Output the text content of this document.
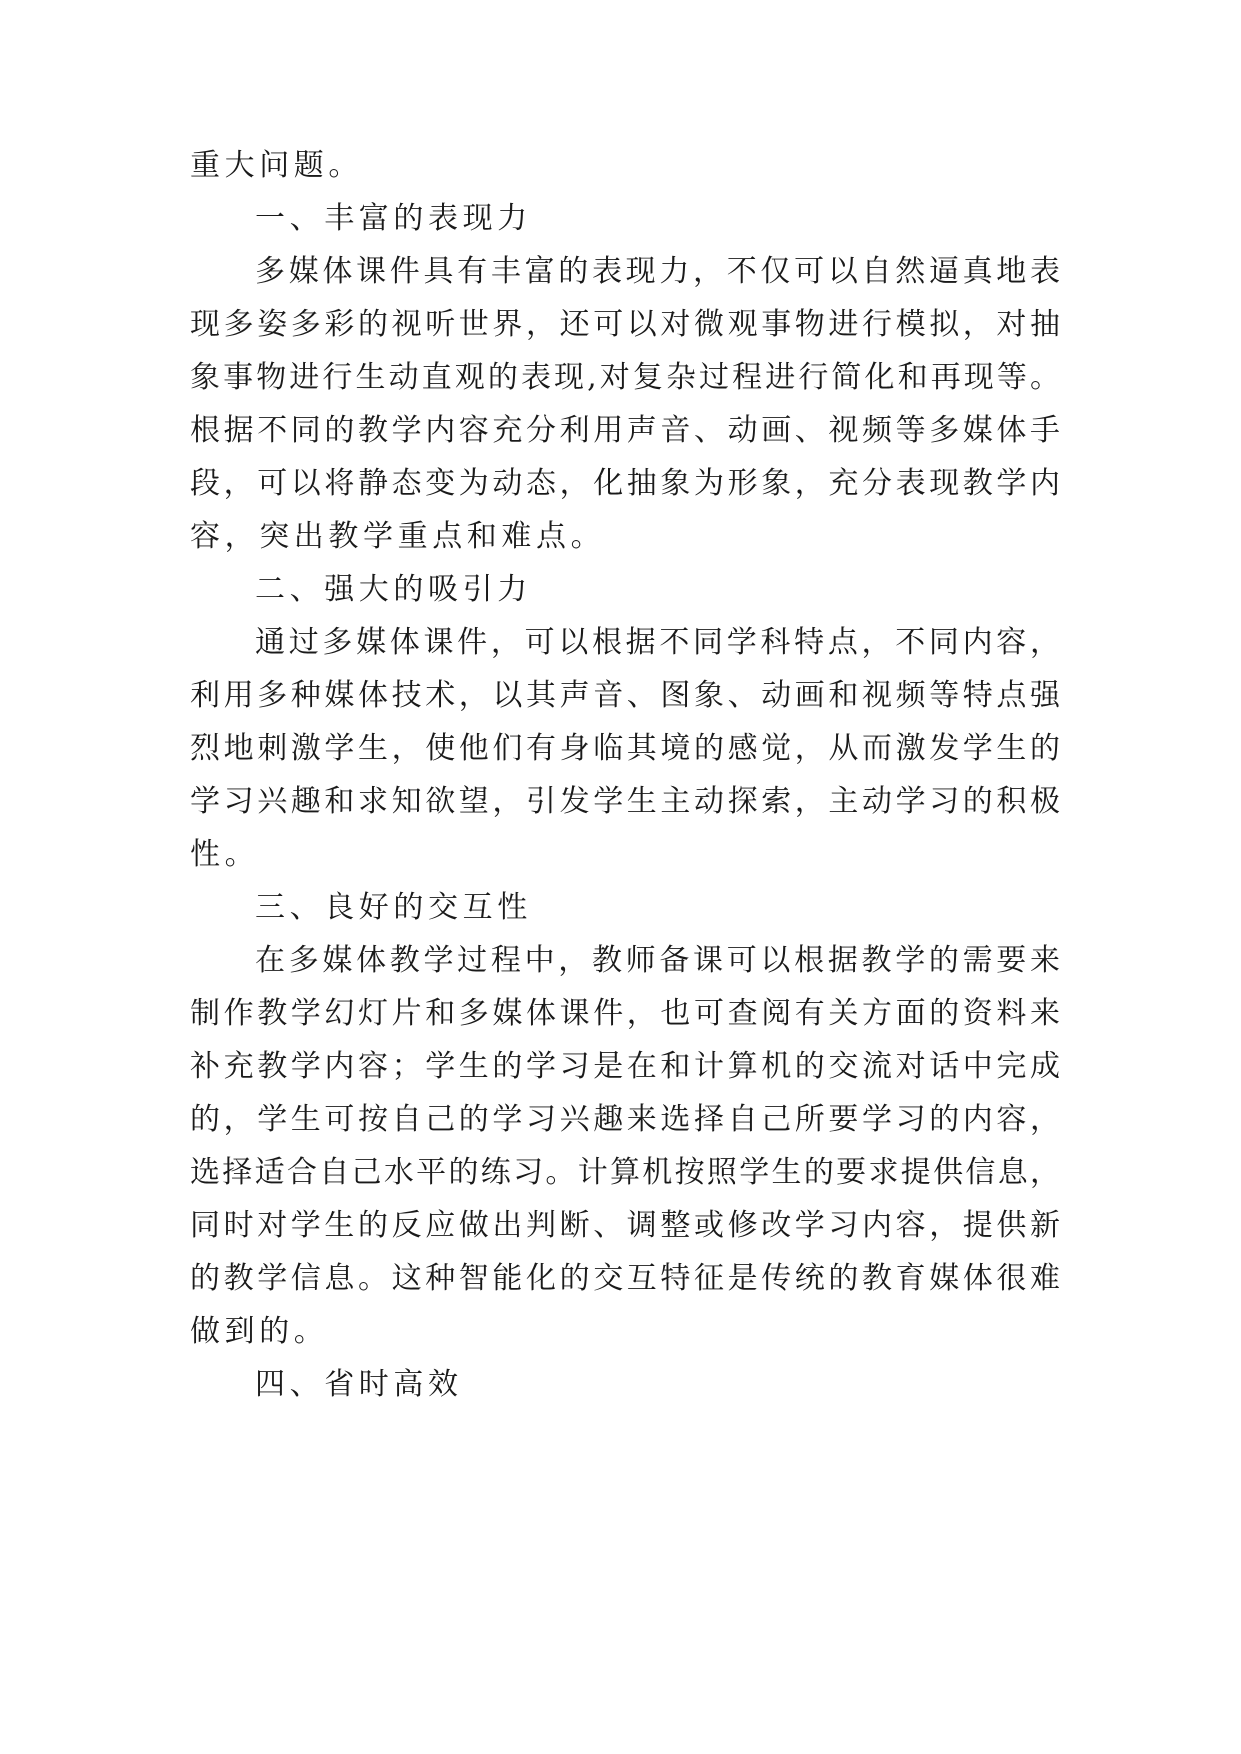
重大问题。
一、丰富的表现力
多媒体课件具有丰富的表现力，不仅可以自然逼真地表
现多姿多彩的视听世界，还可以对微观事物进行模拟，对抽
象事物进行生动直观的表现,对复杂过程进行简化和再现等。
根据不同的教学内容充分利用声音、动画、视频等多媒体手
段，可以将静态变为动态，化抽象为形象，充分表现教学内
容，突出教学重点和难点。
二、强大的吸引力
通过多媒体课件，可以根据不同学科特点，不同内容，
利用多种媒体技术，以其声音、图象、动画和视频等特点强
烈地刺激学生，使他们有身临其境的感觉，从而激发学生的
学习兴趣和求知欲望，引发学生主动探索，主动学习的积极
性。
三、良好的交互性
在多媒体教学过程中，教师备课可以根据教学的需要来
制作教学幻灯片和多媒体课件，也可查阅有关方面的资料来
补充教学内容；学生的学习是在和计算机的交流对话中完成
的，学生可按自己的学习兴趣来选择自己所要学习的内容，
选择适合自己水平的练习。计算机按照学生的要求提供信息，
同时对学生的反应做出判断、调整或修改学习内容，提供新
的教学信息。这种智能化的交互特征是传统的教育媒体很难
做到的。
四、省时高效
